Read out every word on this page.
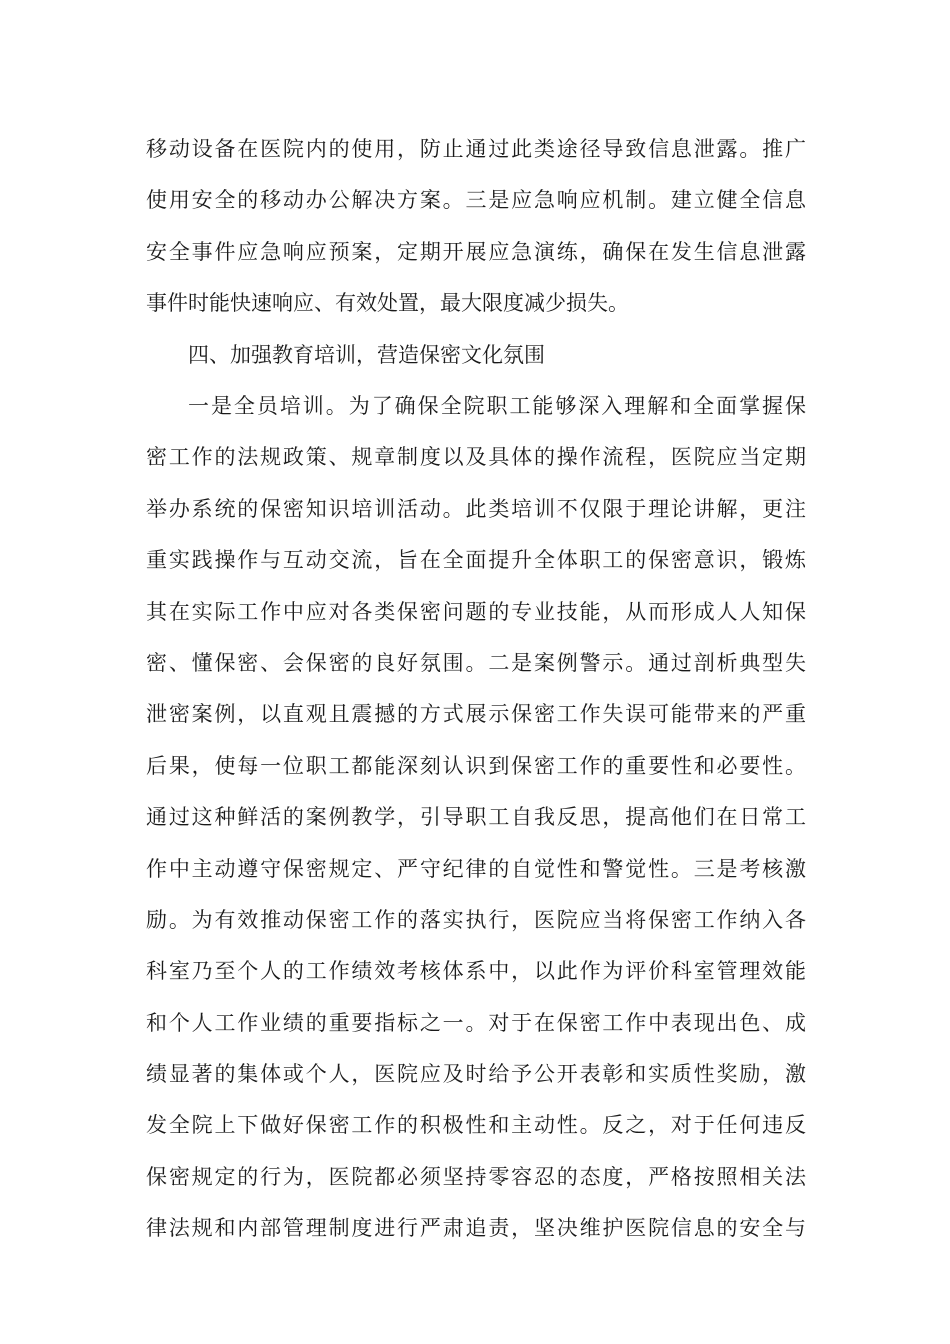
移动设备在医院内的使用，防止通过此类途径导致信息泄露。推广
使用安全的移动办公解决方案。三是应急响应机制。建立健全信息
安全事件应急响应预案，定期开展应急演练，确保在发生信息泄露
事件时能快速响应、有效处置，最大限度减少损失。
四、加强教育培训，营造保密文化氛围
一是全员培训。为了确保全院职工能够深入理解和全面掌握保
密工作的法规政策、规章制度以及具体的操作流程，医院应当定期
举办系统的保密知识培训活动。此类培训不仅限于理论讲解，更注
重实践操作与互动交流，旨在全面提升全体职工的保密意识，锻炼
其在实际工作中应对各类保密问题的专业技能，从而形成人人知保
密、懂保密、会保密的良好氛围。二是案例警示。通过剖析典型失
泄密案例，以直观且震撼的方式展示保密工作失误可能带来的严重
后果，使每一位职工都能深刻认识到保密工作的重要性和必要性。
通过这种鲜活的案例教学，引导职工自我反思，提高他们在日常工
作中主动遵守保密规定、严守纪律的自觉性和警觉性。三是考核激
励。为有效推动保密工作的落实执行，医院应当将保密工作纳入各
科室乃至个人的工作绩效考核体系中，以此作为评价科室管理效能
和个人工作业绩的重要指标之一。对于在保密工作中表现出色、成
绩显著的集体或个人，医院应及时给予公开表彰和实质性奖励，激
发全院上下做好保密工作的积极性和主动性。反之，对于任何违反
保密规定的行为，医院都必须坚持零容忍的态度，严格按照相关法
律法规和内部管理制度进行严肃追责，坚决维护医院信息的安全与
